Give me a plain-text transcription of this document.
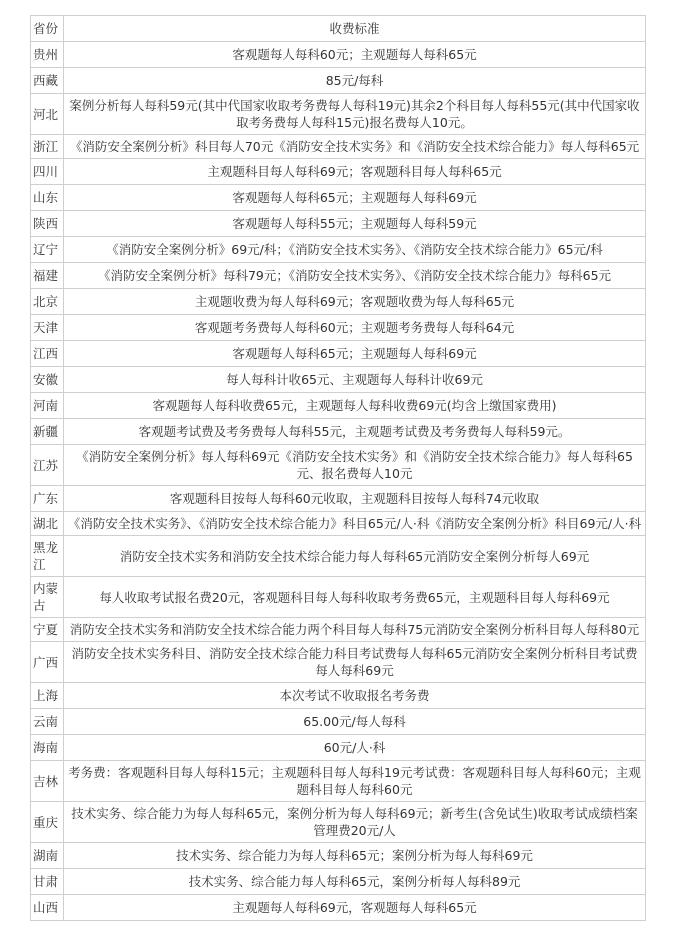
省份	收费标准
贵州	客观题每人每科60元；主观题每人每科65元
西藏	85元/每科
河北	案例分析每人每科59元(其中代国家收取考务费每人每科19元)其余2个科目每人每科55元(其中代国家收取考务费每人每科15元)报名费每人10元。
浙江	《消防安全案例分析》科目每人70元《消防安全技术实务》和《消防安全技术综合能力》每人每科65元
四川	主观题科目每人每科69元；客观题科目每人每科65元
山东	客观题每人每科65元；主观题每人每科69元
陕西	客观题每人每科55元；主观题每人每科59元
辽宁	《消防安全案例分析》69元/科；《消防安全技术实务》、《消防安全技术综合能力》65元/科
福建	《消防安全案例分析》每科79元；《消防安全技术实务》、《消防安全技术综合能力》每科65元
北京	主观题收费为每人每科69元；客观题收费为每人每科65元
天津	客观题考务费每人每科60元；主观题考务费每人每科64元
江西	客观题每人每科65元；主观题每人每科69元
安徽	每人每科计收65元、主观题每人每科计收69元
河南	客观题每人每科收费65元，主观题每人每科收费69元(均含上缴国家费用)
新疆	客观题考试费及考务费每人每科55元，主观题考试费及考务费每人每科59元。
江苏	《消防安全案例分析》每人每科69元《消防安全技术实务》和《消防安全技术综合能力》每人每科65元、报名费每人10元
广东	客观题科目按每人每科60元收取，主观题科目按每人每科74元收取
湖北	《消防安全技术实务》、《消防安全技术综合能力》科目65元/人·科《消防安全案例分析》科目69元/人·科
黑龙江	消防安全技术实务和消防安全技术综合能力每人每科65元消防安全案例分析每人69元
内蒙古	每人收取考试报名费20元，客观题科目每人每科收取考务费65元，主观题科目每人每科69元
宁夏	消防安全技术实务和消防安全技术综合能力两个科目每人每科75元消防安全案例分析科目每人每科80元
广西	消防安全技术实务科目、消防安全技术综合能力科目考试费每人每科65元消防安全案例分析科目考试费每人每科69元
上海	本次考试不收取报名考务费
云南	65.00元/每人每科
海南	60元/人·科
吉林	考务费：客观题科目每人每科15元；主观题科目每人每科19元考试费：客观题科目每人每科60元；主观题科目每人每科60元
重庆	技术实务、综合能力为每人每科65元，案例分析为每人每科69元；新考生(含免试生)收取考试成绩档案管理费20元/人
湖南	技术实务、综合能力为每人每科65元；案例分析为每人每科69元
甘肃	技术实务、综合能力每人每科65元，案例分析每人每科89元
山西	主观题每人每科69元，客观题每人每科65元
